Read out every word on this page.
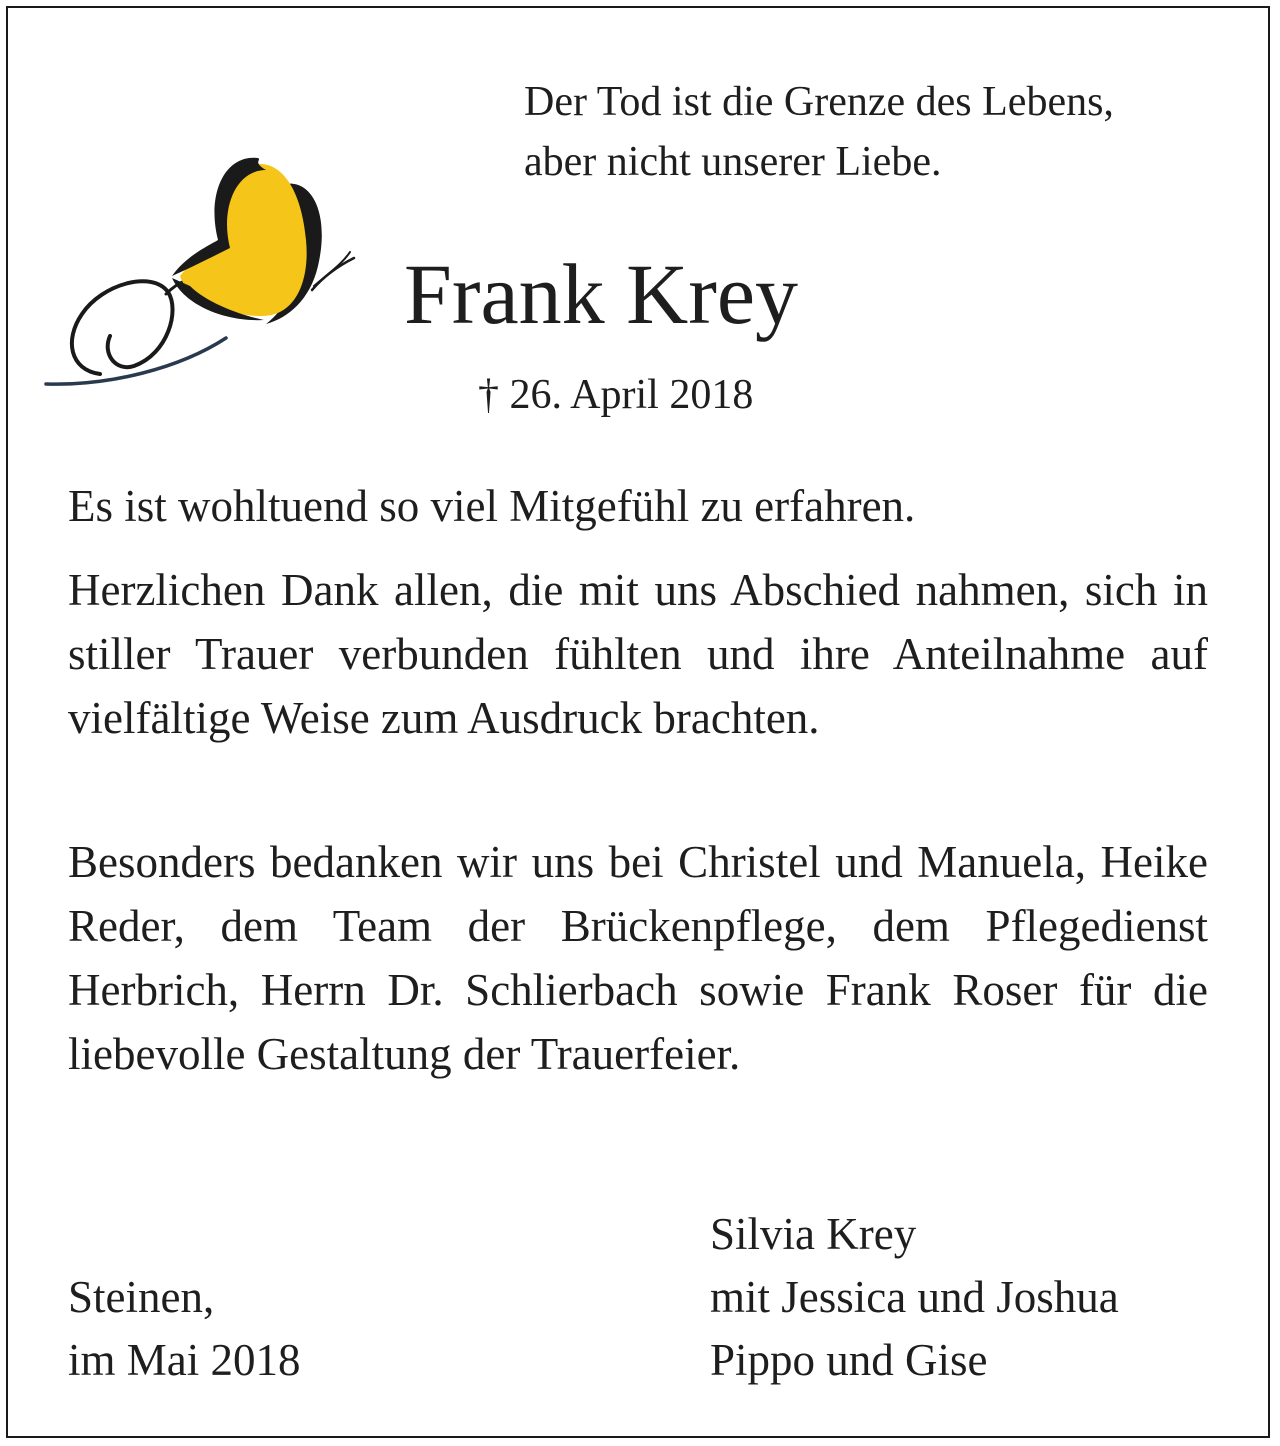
Der Tod ist die Grenze des Lebens,
aber nicht unserer Liebe.
Frank Krey
† 26. April 2018

Es ist wohltuend so viel Mitgefühl zu erfahren.

Herzlichen Dank allen, die mit uns Abschied nahmen, sich in stiller Trauer verbunden fühlten und ihre Anteilnahme auf vielfältige Weise zum Ausdruck brachten.

Besonders bedanken wir uns bei Christel und Manuela, Heike Reder, dem Team der Brückenpflege, dem Pflegedienst Herbrich, Herrn Dr. Schlierbach sowie Frank Roser für die liebevolle Gestaltung der Trauerfeier.

Steinen,
im Mai 2018
Silvia Krey
mit Jessica und Joshua
Pippo und Gise
